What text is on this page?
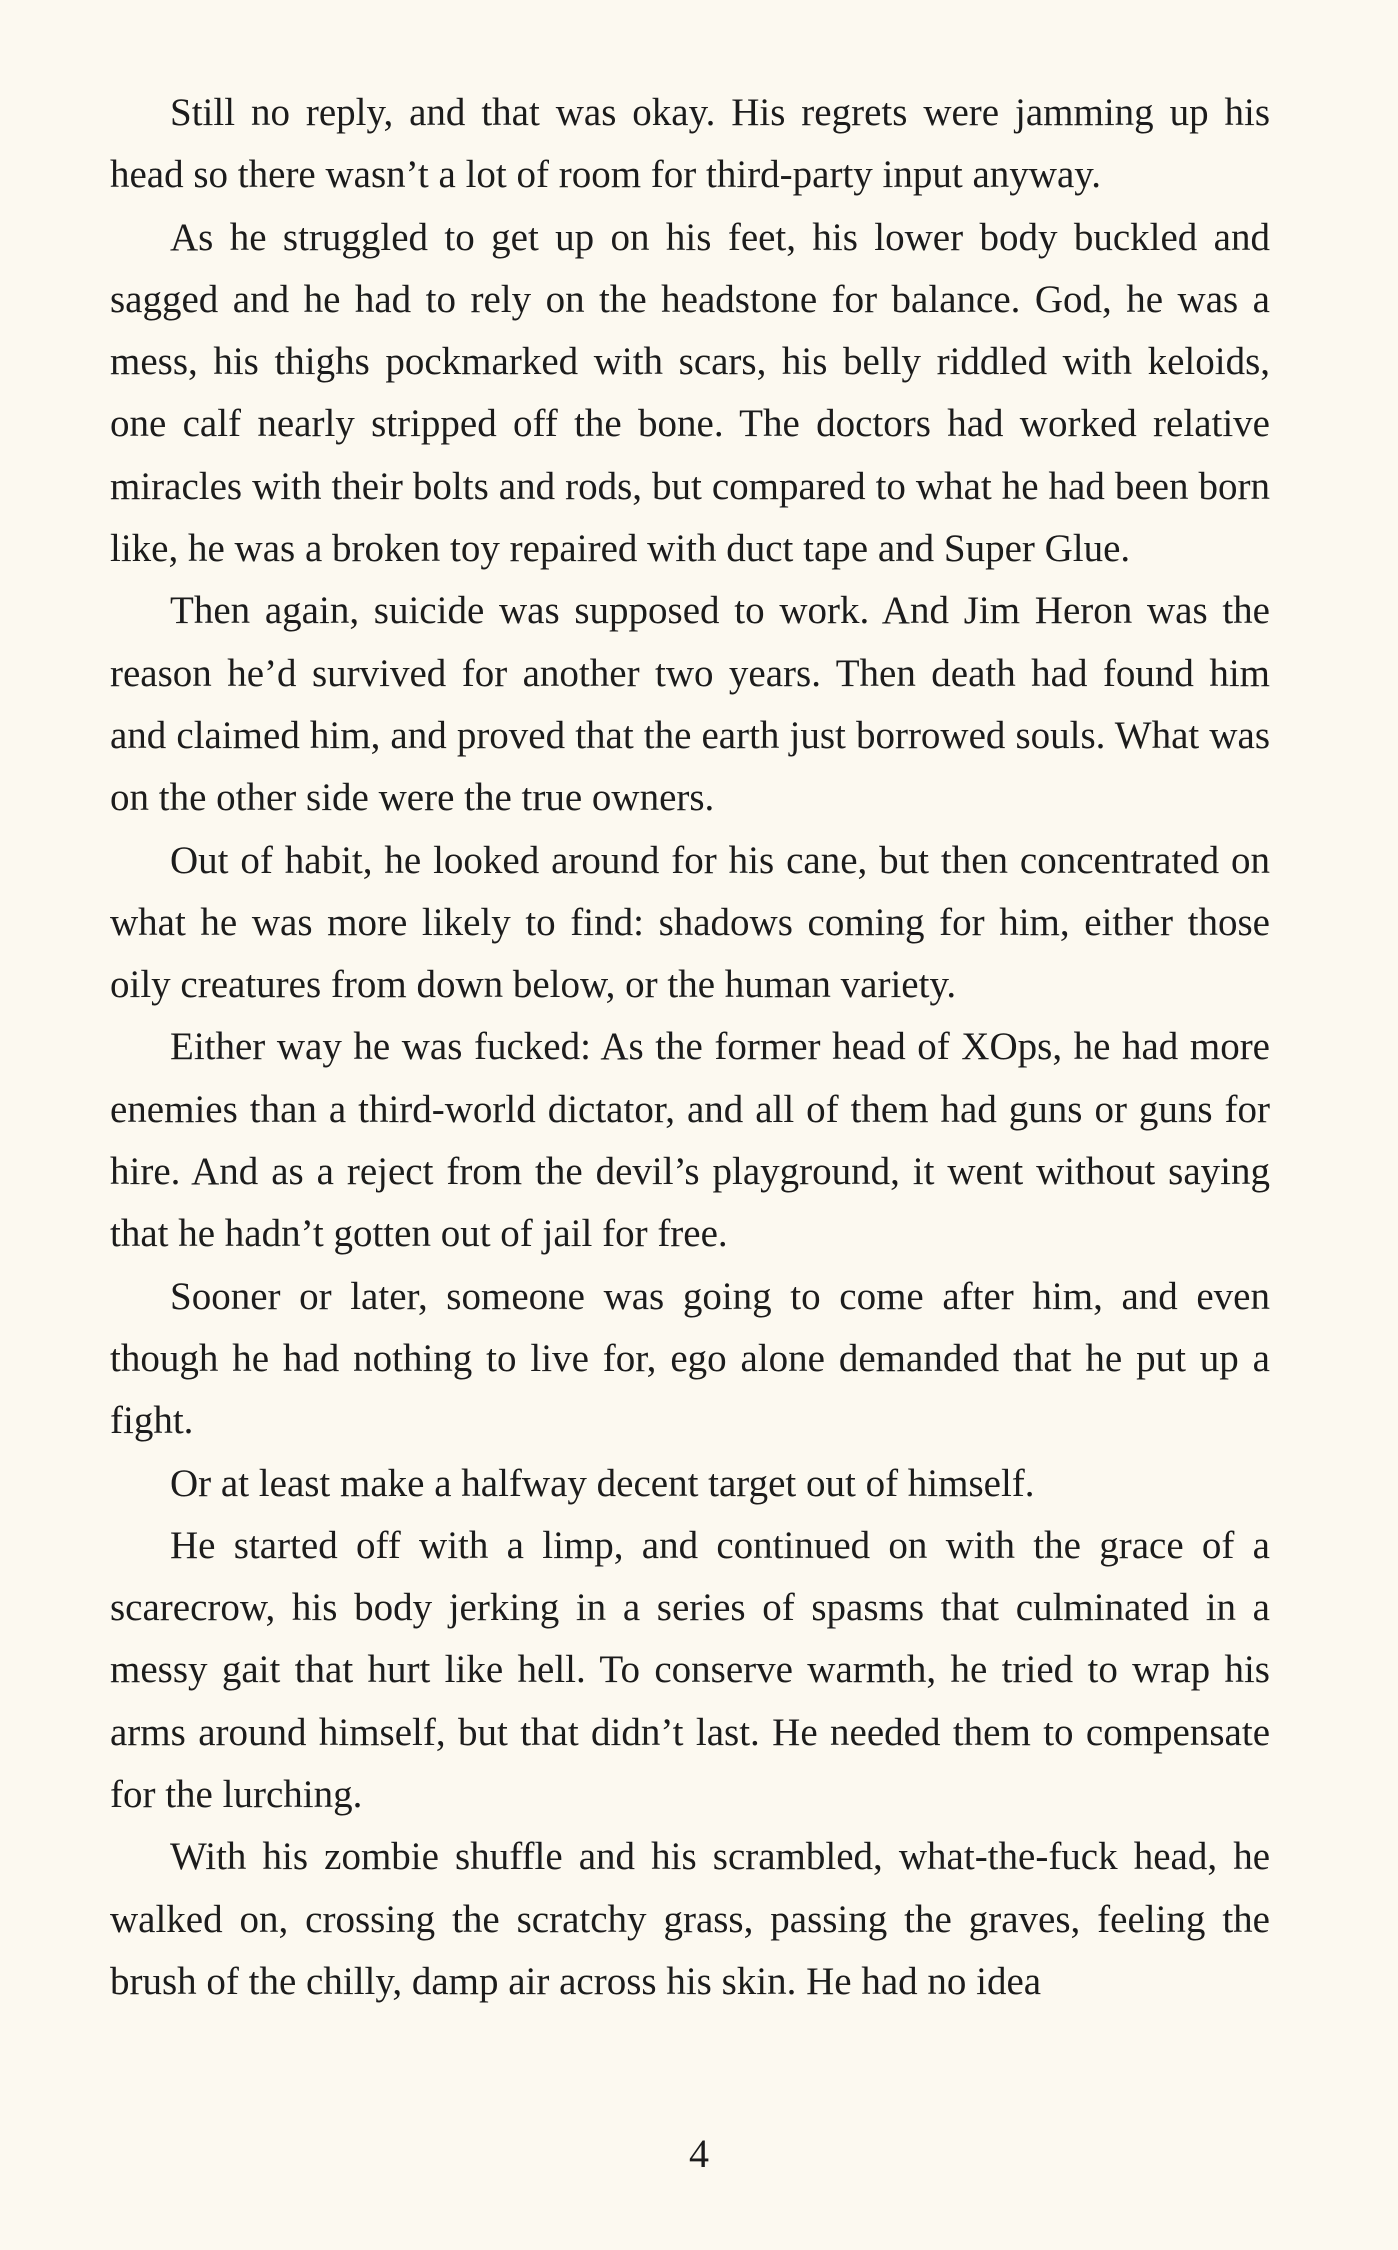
Still no reply, and that was okay. His regrets were jamming up his head so there wasn’t a lot of room for third-party input anyway.

As he struggled to get up on his feet, his lower body buckled and sagged and he had to rely on the headstone for balance. God, he was a mess, his thighs pockmarked with scars, his belly riddled with keloids, one calf nearly stripped off the bone. The doctors had worked relative miracles with their bolts and rods, but compared to what he had been born like, he was a broken toy repaired with duct tape and Super Glue.

Then again, suicide was supposed to work. And Jim Heron was the reason he’d survived for another two years. Then death had found him and claimed him, and proved that the earth just borrowed souls. What was on the other side were the true owners.

Out of habit, he looked around for his cane, but then concentrated on what he was more likely to find: shadows coming for him, either those oily creatures from down below, or the human variety.

Either way he was fucked: As the former head of XOps, he had more enemies than a third-world dictator, and all of them had guns or guns for hire. And as a reject from the devil’s playground, it went without saying that he hadn’t gotten out of jail for free.

Sooner or later, someone was going to come after him, and even though he had nothing to live for, ego alone demanded that he put up a fight.

Or at least make a halfway decent target out of himself.

He started off with a limp, and continued on with the grace of a scarecrow, his body jerking in a series of spasms that culminated in a messy gait that hurt like hell. To conserve warmth, he tried to wrap his arms around himself, but that didn’t last. He needed them to compensate for the lurching.

With his zombie shuffle and his scrambled, what-the-fuck head, he walked on, crossing the scratchy grass, passing the graves, feeling the brush of the chilly, damp air across his skin. He had no idea

4
